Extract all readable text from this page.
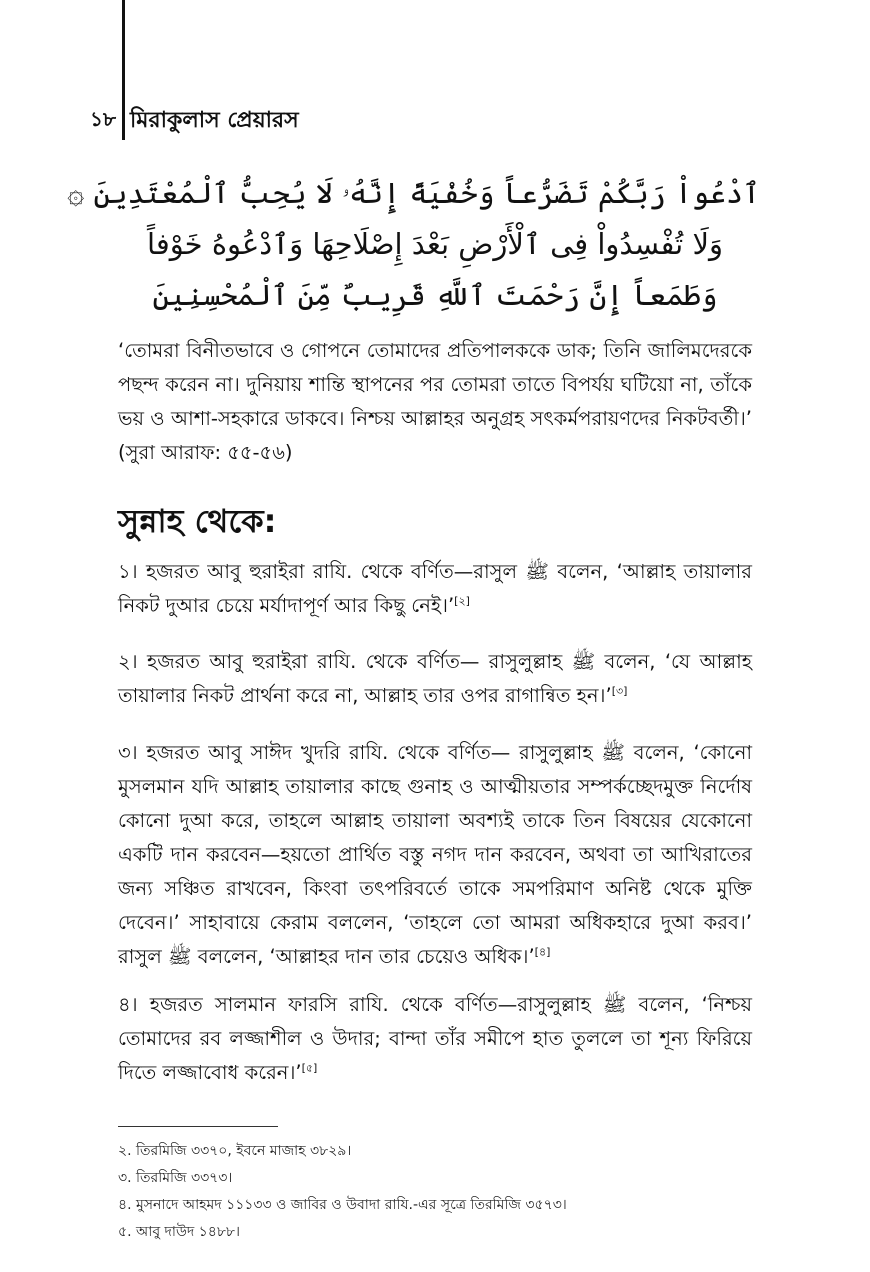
১৮ মিরাকুলাস প্রেয়ারস
ٱدْعُواْ رَبَّكُمْ تَضَرُّعاً وَخُفْيَةً إِنَّهُۥ لَا يُحِبُّ ٱلْمُعْتَدِينَ ۞
وَلَا تُفْسِدُواْ فِى ٱلْأَرْضِ بَعْدَ إِصْلَاحِهَا وَٱدْعُوهُ خَوْفاً
وَطَمَعاً إِنَّ رَحْمَتَ ٱللَّهِ قَرِيبٌ مِّنَ ٱلْمُحْسِنِينَ

‘তোমরা বিনীতভাবে ও গোপনে তোমাদের প্রতিপালককে ডাক; তিনি জালিমদেরকে পছন্দ করেন না। দুনিয়ায় শান্তি স্থাপনের পর তোমরা তাতে বিপর্যয় ঘটিয়ো না, তাঁকে ভয় ও আশা-সহকারে ডাকবে। নিশ্চয় আল্লাহর অনুগ্রহ সৎকর্মপরায়ণদের নিকটবর্তী।’ (সুরা আরাফ: ৫৫-৫৬)

সুন্নাহ থেকে:

১। হজরত আবু হুরাইরা রাযি. থেকে বর্ণিত—রাসুল ﷺ বলেন, ‘আল্লাহ তায়ালার নিকট দুআর চেয়ে মর্যাদাপূর্ণ আর কিছু নেই।’[২]

২। হজরত আবু হুরাইরা রাযি. থেকে বর্ণিত— রাসুলুল্লাহ ﷺ বলেন, ‘যে আল্লাহ তায়ালার নিকট প্রার্থনা করে না, আল্লাহ তার ওপর রাগান্বিত হন।’[৩]

৩। হজরত আবু সাঈদ খুদরি রাযি. থেকে বর্ণিত— রাসুলুল্লাহ ﷺ বলেন, ‘কোনো মুসলমান যদি আল্লাহ তায়ালার কাছে গুনাহ ও আত্মীয়তার সম্পর্কচ্ছেদমুক্ত নির্দোষ কোনো দুআ করে, তাহলে আল্লাহ তায়ালা অবশ্যই তাকে তিন বিষয়ের যেকোনো একটি দান করবেন—হয়তো প্রার্থিত বস্তু নগদ দান করবেন, অথবা তা আখিরাতের জন্য সঞ্চিত রাখবেন, কিংবা তৎপরিবর্তে তাকে সমপরিমাণ অনিষ্ট থেকে মুক্তি দেবেন।’ সাহাবায়ে কেরাম বললেন, ‘তাহলে তো আমরা অধিকহারে দুআ করব।’ রাসুল ﷺ বললেন, ‘আল্লাহর দান তার চেয়েও অধিক।’[৪]

৪। হজরত সালমান ফারসি রাযি. থেকে বর্ণিত—রাসুলুল্লাহ ﷺ বলেন, ‘নিশ্চয় তোমাদের রব লজ্জাশীল ও উদার; বান্দা তাঁর সমীপে হাত তুললে তা শূন্য ফিরিয়ে দিতে লজ্জাবোধ করেন।’[৫]

২. তিরমিজি ৩৩৭০, ইবনে মাজাহ ৩৮২৯।
৩. তিরমিজি ৩৩৭৩।
৪. মুসনাদে আহমদ ১১১৩৩ ও জাবির ও উবাদা রাযি.-এর সূত্রে তিরমিজি ৩৫৭৩।
৫. আবু দাউদ ১৪৮৮।
